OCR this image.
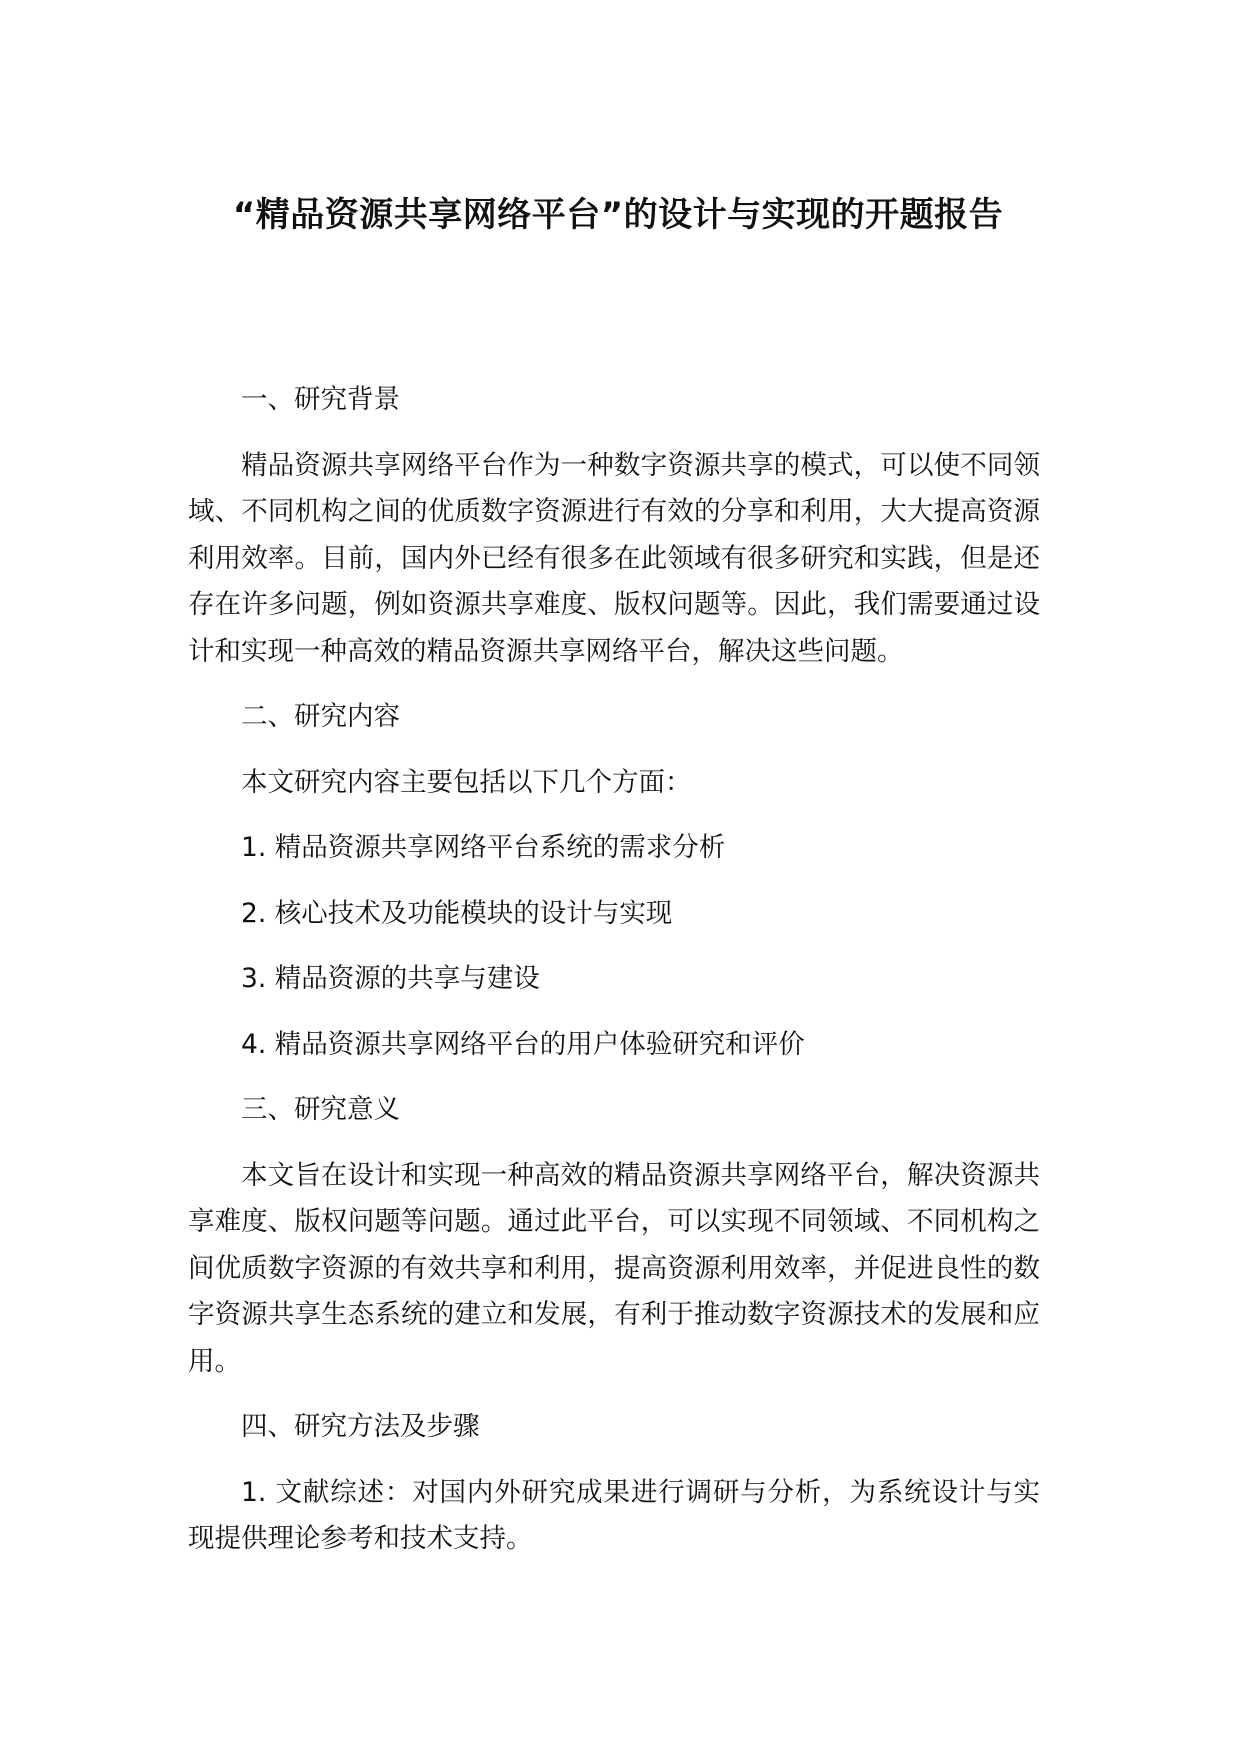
“精品资源共享网络平台”的设计与实现的开题报告

一、研究背景

精品资源共享网络平台作为一种数字资源共享的模式，可以使不同领域、不同机构之间的优质数字资源进行有效的分享和利用，大大提高资源利用效率。目前，国内外已经有很多在此领域有很多研究和实践，但是还存在许多问题，例如资源共享难度、版权问题等。因此，我们需要通过设计和实现一种高效的精品资源共享网络平台，解决这些问题。

二、研究内容

本文研究内容主要包括以下几个方面：

1. 精品资源共享网络平台系统的需求分析

2. 核心技术及功能模块的设计与实现

3. 精品资源的共享与建设

4. 精品资源共享网络平台的用户体验研究和评价

三、研究意义

本文旨在设计和实现一种高效的精品资源共享网络平台，解决资源共享难度、版权问题等问题。通过此平台，可以实现不同领域、不同机构之间优质数字资源的有效共享和利用，提高资源利用效率，并促进良性的数字资源共享生态系统的建立和发展，有利于推动数字资源技术的发展和应用。

四、研究方法及步骤

1. 文献综述：对国内外研究成果进行调研与分析，为系统设计与实现提供理论参考和技术支持。
